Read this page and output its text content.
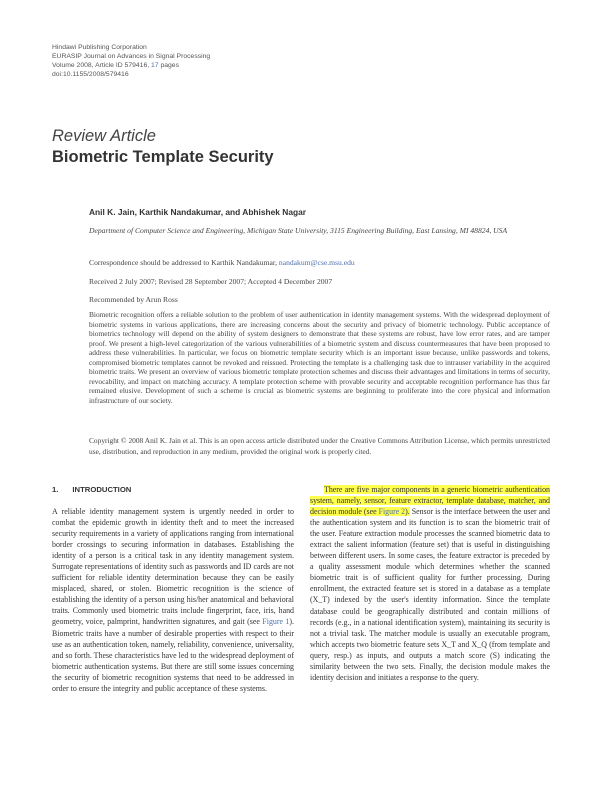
Hindawi Publishing Corporation
EURASIP Journal on Advances in Signal Processing
Volume 2008, Article ID 579416, 17 pages
doi:10.1155/2008/579416
Review Article
Biometric Template Security
Anil K. Jain, Karthik Nandakumar, and Abhishek Nagar
Department of Computer Science and Engineering, Michigan State University, 3115 Engineering Building, East Lansing, MI 48824, USA
Correspondence should be addressed to Karthik Nandakumar, nandakum@cse.msu.edu
Received 2 July 2007; Revised 28 September 2007; Accepted 4 December 2007
Recommended by Arun Ross
Biometric recognition offers a reliable solution to the problem of user authentication in identity management systems. With the widespread deployment of biometric systems in various applications, there are increasing concerns about the security and privacy of biometric technology. Public acceptance of biometrics technology will depend on the ability of system designers to demonstrate that these systems are robust, have low error rates, and are tamper proof. We present a high-level categorization of the various vulnerabilities of a biometric system and discuss countermeasures that have been proposed to address these vulnerabilities. In particular, we focus on biometric template security which is an important issue because, unlike passwords and tokens, compromised biometric templates cannot be revoked and reissued. Protecting the template is a challenging task due to intrauser variability in the acquired biometric traits. We present an overview of various biometric template protection schemes and discuss their advantages and limitations in terms of security, revocability, and impact on matching accuracy. A template protection scheme with provable security and acceptable recognition performance has thus far remained elusive. Development of such a scheme is crucial as biometric systems are beginning to proliferate into the core physical and information infrastructure of our society.
Copyright © 2008 Anil K. Jain et al. This is an open access article distributed under the Creative Commons Attribution License, which permits unrestricted use, distribution, and reproduction in any medium, provided the original work is properly cited.
1. INTRODUCTION
A reliable identity management system is urgently needed in order to combat the epidemic growth in identity theft and to meet the increased security requirements in a variety of applications ranging from international border crossings to securing information in databases. Establishing the identity of a person is a critical task in any identity management system. Surrogate representations of identity such as passwords and ID cards are not sufficient for reliable identity determination because they can be easily misplaced, shared, or stolen. Biometric recognition is the science of establishing the identity of a person using his/her anatomical and behavioral traits. Commonly used biometric traits include fingerprint, face, iris, hand geometry, voice, palmprint, handwritten signatures, and gait (see Figure 1). Biometric traits have a number of desirable properties with respect to their use as an authentication token, namely, reliability, convenience, universality, and so forth. These characteristics have led to the widespread deployment of biometric authentication systems. But there are still some issues concerning the security of biometric recognition systems that need to be addressed in order to ensure the integrity and public acceptance of these systems.
There are five major components in a generic biometric authentication system, namely, sensor, feature extractor, template database, matcher, and decision module (see Figure 2). Sensor is the interface between the user and the authentication system and its function is to scan the biometric trait of the user. Feature extraction module processes the scanned biometric data to extract the salient information (feature set) that is useful in distinguishing between different users. In some cases, the feature extractor is preceded by a quality assessment module which determines whether the scanned biometric trait is of sufficient quality for further processing. During enrollment, the extracted feature set is stored in a database as a template (X_T) indexed by the user's identity information. Since the template database could be geographically distributed and contain millions of records (e.g., in a national identification system), maintaining its security is not a trivial task. The matcher module is usually an executable program, which accepts two biometric feature sets X_T and X_Q (from template and query, resp.) as inputs, and outputs a match score (S) indicating the similarity between the two sets. Finally, the decision module makes the identity decision and initiates a response to the query.
